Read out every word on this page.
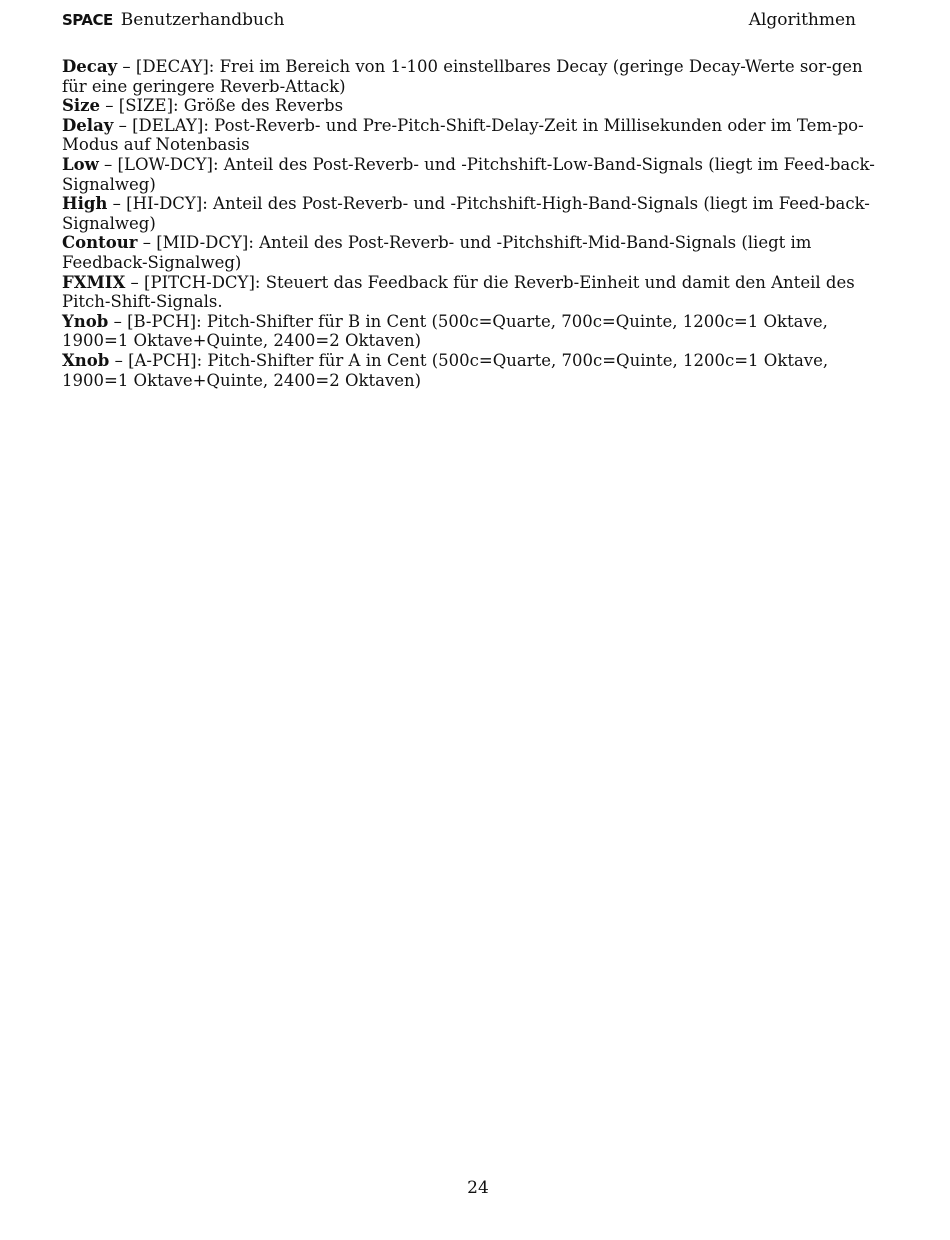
SPACE Benutzerhandbuch	Algorithmen

Decay – [DECAY]: Frei im Bereich von 1-100 einstellbares Decay (geringe Decay-Werte sor-gen für eine geringere Reverb-Attack)

Size – [SIZE]: Größe des Reverbs

Delay – [DELAY]: Post-Reverb- und Pre-Pitch-Shift-Delay-Zeit in Millisekunden oder im Tem-po-Modus auf Notenbasis

Low – [LOW-DCY]: Anteil des Post-Reverb- und -Pitchshift-Low-Band-Signals (liegt im Feed-back-Signalweg)

High – [HI-DCY]: Anteil des Post-Reverb- und -Pitchshift-High-Band-Signals (liegt im Feed-back-Signalweg)

Contour – [MID-DCY]: Anteil des Post-Reverb- und -Pitchshift-Mid-Band-Signals (liegt im Feedback-Signalweg)

FXMIX – [PITCH-DCY]: Steuert das Feedback für die Reverb-Einheit und damit den Anteil des Pitch-Shift-Signals.

Ynob – [B-PCH]: Pitch-Shifter für B in Cent (500c=Quarte, 700c=Quinte, 1200c=1 Oktave, 1900=1 Oktave+Quinte, 2400=2 Oktaven)

Xnob – [A-PCH]: Pitch-Shifter für A in Cent (500c=Quarte, 700c=Quinte, 1200c=1 Oktave, 1900=1 Oktave+Quinte, 2400=2 Oktaven)

24
